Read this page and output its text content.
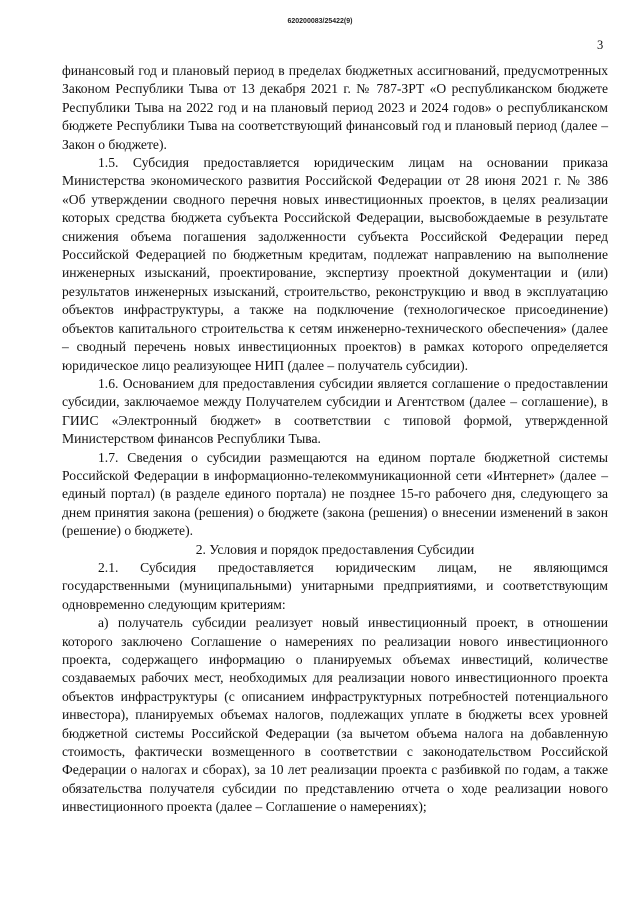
620200083/25422(9)
3

финансовый год и плановый период в пределах бюджетных ассигнований, предусмотренных Законом Республики Тыва от 13 декабря 2021 г. № 787-ЗРТ «О республиканском бюджете Республики Тыва на 2022 год и на плановый период 2023 и 2024 годов» о республиканском бюджете Республики Тыва на соответствующий финансовый год и плановый период (далее – Закон о бюджете).

1.5. Субсидия предоставляется юридическим лицам на основании приказа Министерства экономического развития Российской Федерации от 28 июня 2021 г. № 386 «Об утверждении сводного перечня новых инвестиционных проектов, в целях реализации которых средства бюджета субъекта Российской Федерации, высвобождаемые в результате снижения объема погашения задолженности субъекта Российской Федерации перед Российской Федерацией по бюджетным кредитам, подлежат направлению на выполнение инженерных изысканий, проектирование, экспертизу проектной документации и (или) результатов инженерных изысканий, строительство, реконструкцию и ввод в эксплуатацию объектов инфраструктуры, а также на подключение (технологическое присоединение) объектов капитального строительства к сетям инженерно-технического обеспечения» (далее – сводный перечень новых инвестиционных проектов) в рамках которого определяется юридическое лицо реализующее НИП (далее – получатель субсидии).

1.6. Основанием для предоставления субсидии является соглашение о предоставлении субсидии, заключаемое между Получателем субсидии и Агентством (далее – соглашение), в ГИИС «Электронный бюджет» в соответствии с типовой формой, утвержденной Министерством финансов Республики Тыва.

1.7. Сведения о субсидии размещаются на едином портале бюджетной системы Российской Федерации в информационно-телекоммуникационной сети «Интернет» (далее – единый портал) (в разделе единого портала) не позднее 15-го рабочего дня, следующего за днем принятия закона (решения) о бюджете (закона (решения) о внесении изменений в закон (решение) о бюджете).

2. Условия и порядок предоставления Субсидии

2.1. Субсидия предоставляется юридическим лицам, не являющимся государственными (муниципальными) унитарными предприятиями, и соответствующим одновременно следующим критериям:

а) получатель субсидии реализует новый инвестиционный проект, в отношении которого заключено Соглашение о намерениях по реализации нового инвестиционного проекта, содержащего информацию о планируемых объемах инвестиций, количестве создаваемых рабочих мест, необходимых для реализации нового инвестиционного проекта объектов инфраструктуры (с описанием инфраструктурных потребностей потенциального инвестора), планируемых объемах налогов, подлежащих уплате в бюджеты всех уровней бюджетной системы Российской Федерации (за вычетом объема налога на добавленную стоимость, фактически возмещенного в соответствии с законодательством Российской Федерации о налогах и сборах), за 10 лет реализации проекта с разбивкой по годам, а также обязательства получателя субсидии по представлению отчета о ходе реализации нового инвестиционного проекта (далее – Соглашение о намерениях);
